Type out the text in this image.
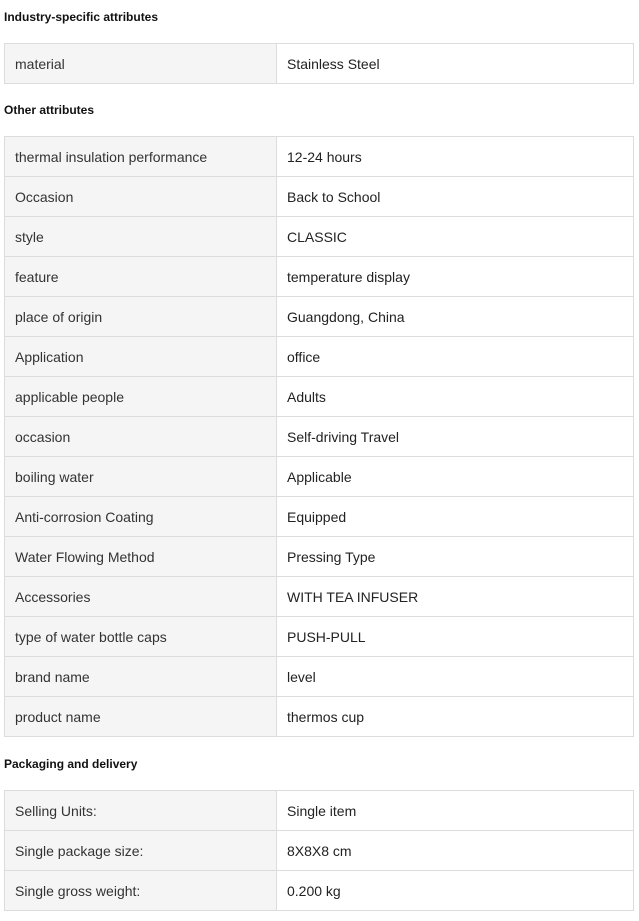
Industry-specific attributes
material	Stainless Steel
Other attributes
thermal insulation performance	12-24 hours
Occasion	Back to School
style	CLASSIC
feature	temperature display
place of origin	Guangdong, China
Application	office
applicable people	Adults
occasion	Self-driving Travel
boiling water	Applicable
Anti-corrosion Coating	Equipped
Water Flowing Method	Pressing Type
Accessories	WITH TEA INFUSER
type of water bottle caps	PUSH-PULL
brand name	level
product name	thermos cup
Packaging and delivery
Selling Units:	Single item
Single package size:	8X8X8 cm
Single gross weight:	0.200 kg
